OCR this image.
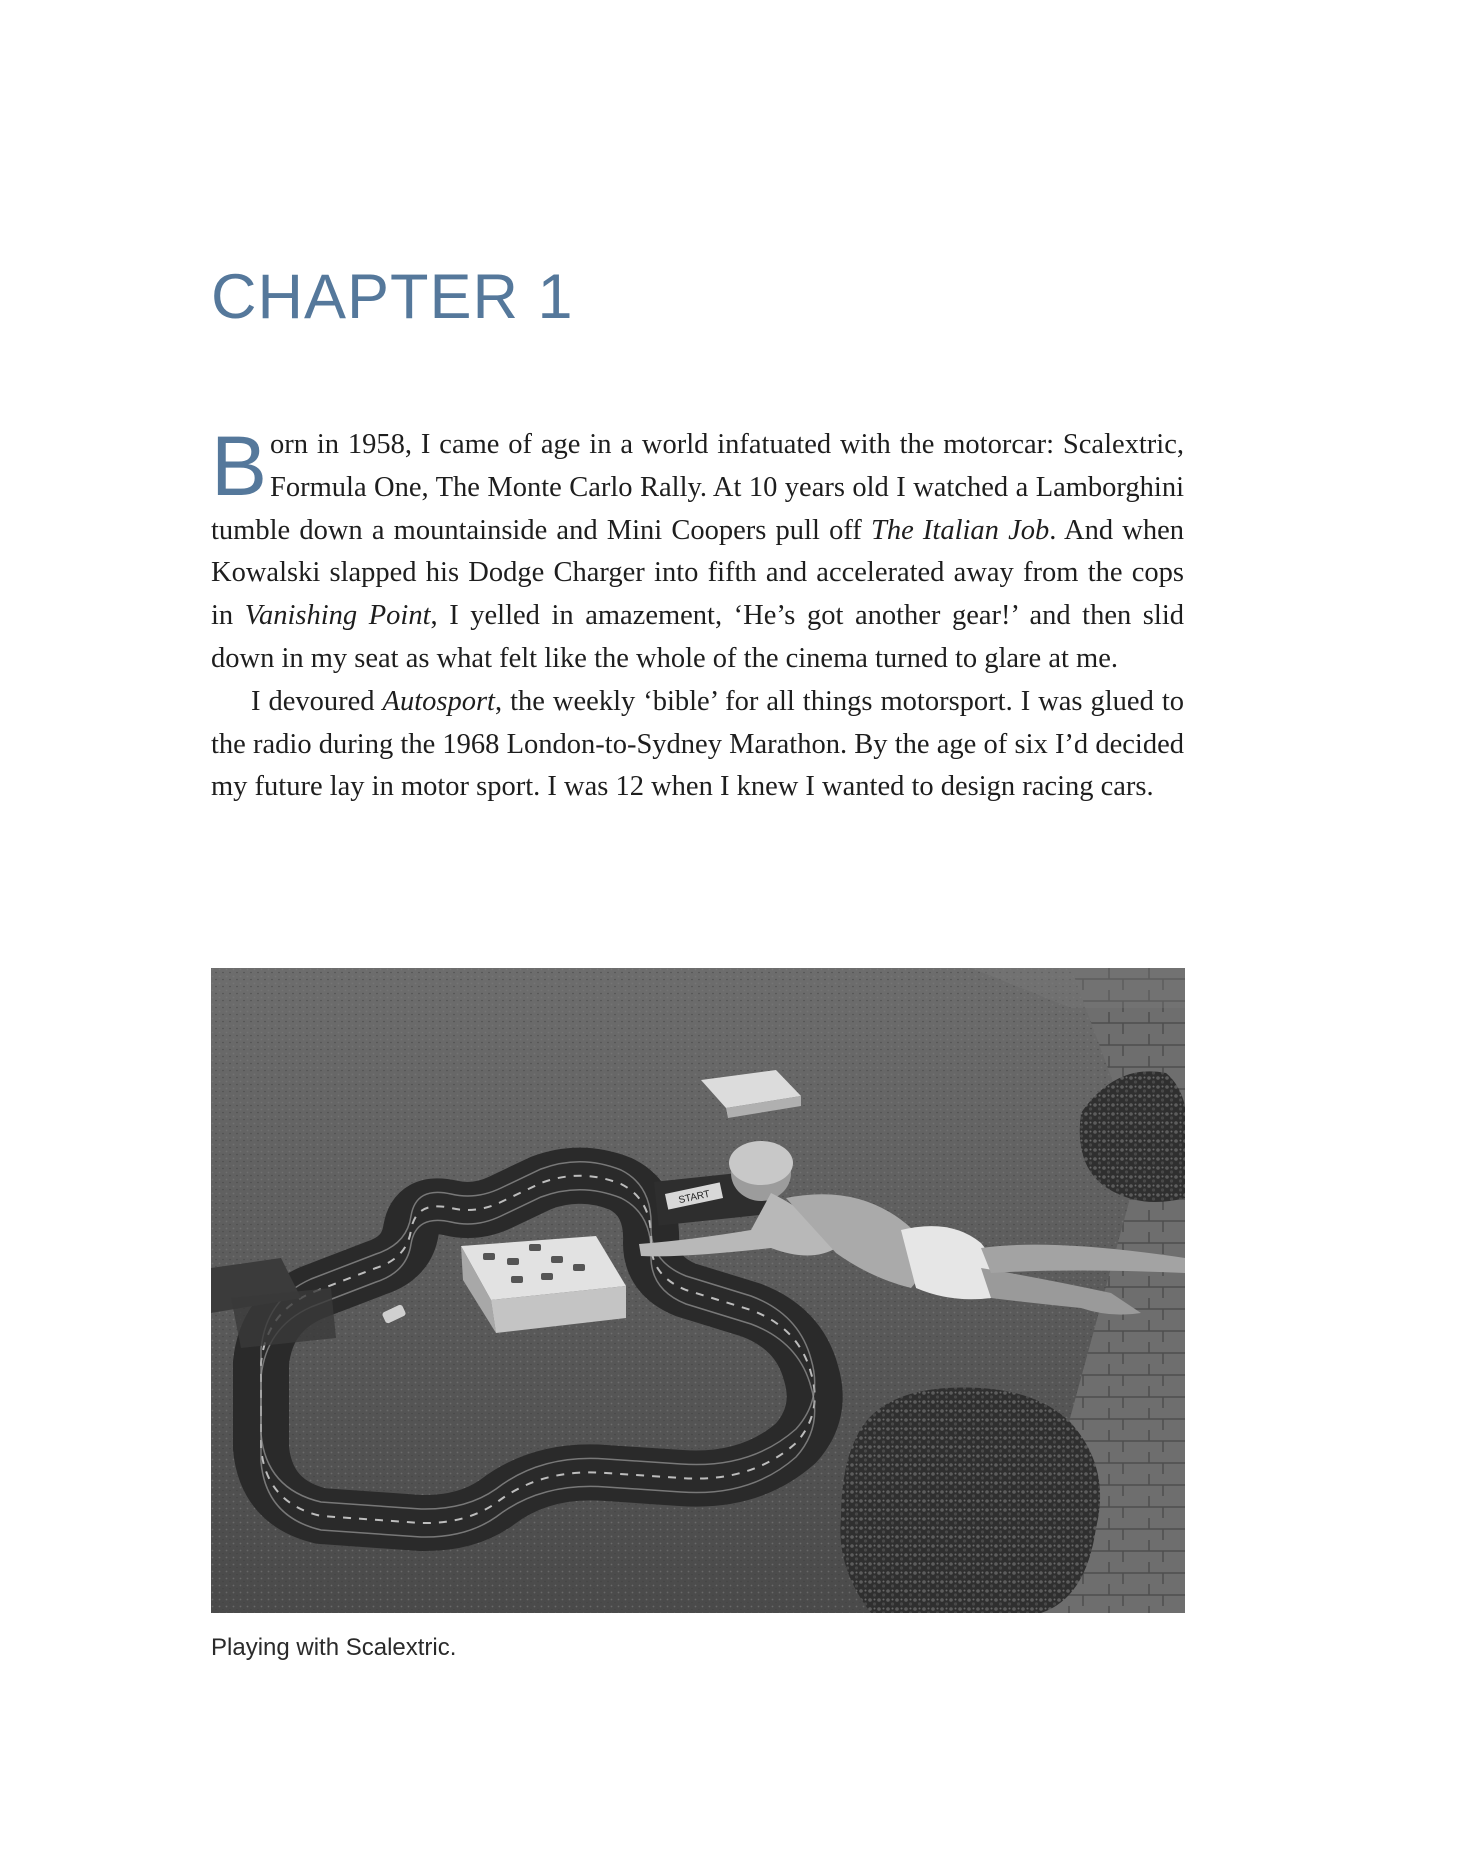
CHAPTER 1

Born in 1958, I came of age in a world infatuated with the motorcar: Scalextric, Formula One, The Monte Carlo Rally. At 10 years old I watched a Lamborghini tumble down a mountainside and Mini Coopers pull off The Italian Job. And when Kowalski slapped his Dodge Charger into fifth and accelerated away from the cops in Vanishing Point, I yelled in amazement, ‘He’s got another gear!’ and then slid down in my seat as what felt like the whole of the cinema turned to glare at me.

I devoured Autosport, the weekly ‘bible’ for all things motorsport. I was glued to the radio during the 1968 London-to-Sydney Marathon. By the age of six I’d decided my future lay in motor sport. I was 12 when I knew I wanted to design racing cars.

START
Playing with Scalextric.
